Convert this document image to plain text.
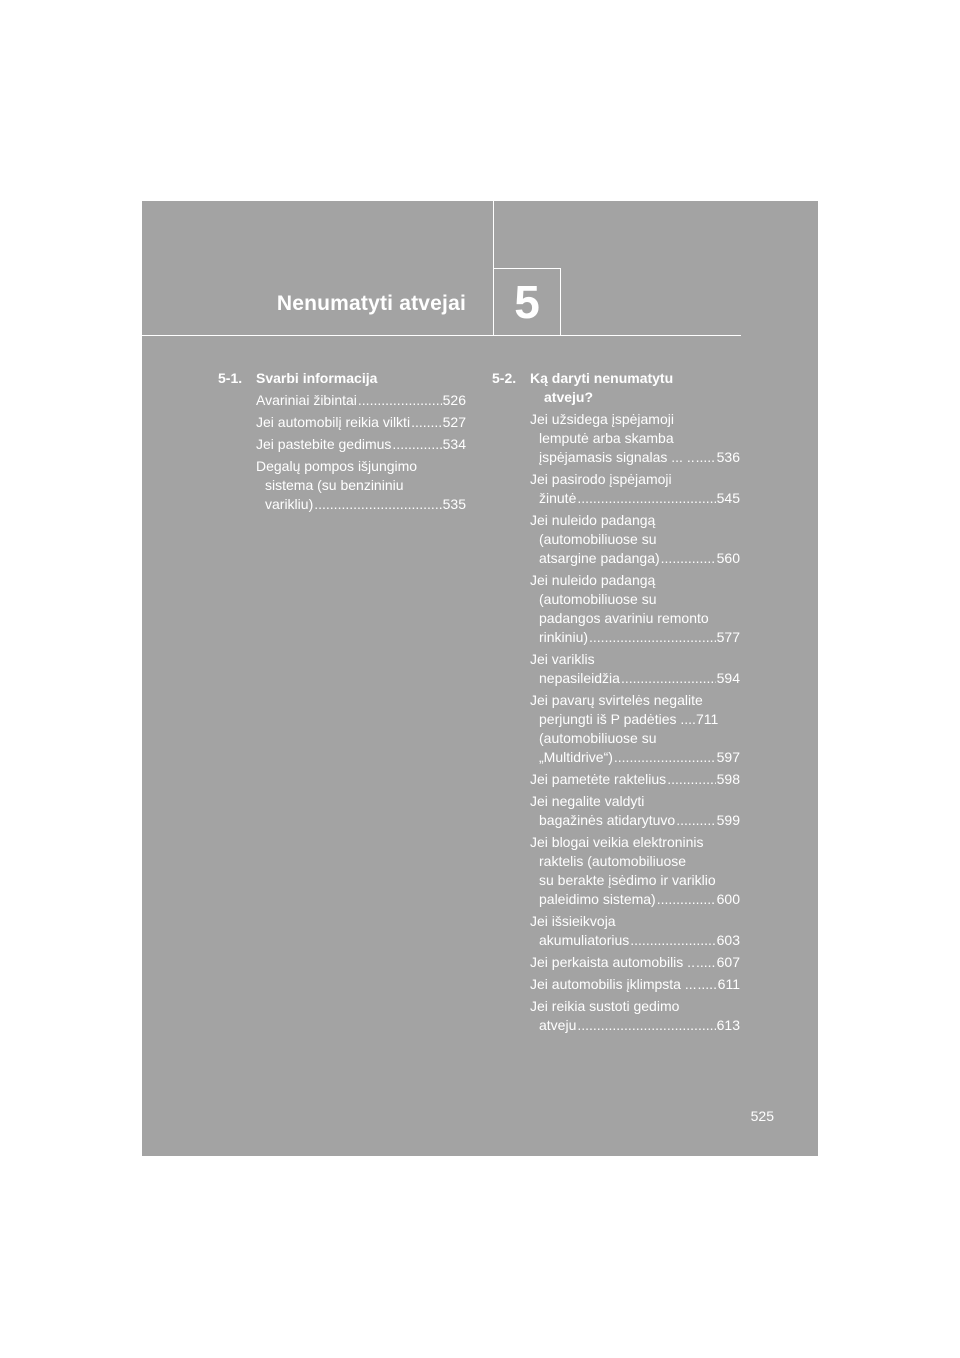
Nenumatyti atvejai 5
5-1. Svarbi informacija
Avariniai žibintai .....	526
Jei automobilį reikia vilkti ..... 527
Jei pastebite gedimus .....	534
Degalų pompos išjungimo
sistema (su benzininiu
varikliu) .....	535
5-2. Ką daryti nenumatytu
atveju?
Jei užsidega įspėjamoji
lemputė arba skamba
įspėjamasis signalas ... .. ..... 536
Jei pasirodo įspėjamoji
žinutė .....	545
Jei nuleido padangą
(automobiliuose su
atsargine padanga) .....	560
Jei nuleido padangą
(automobiliuose su
padangos avariniu remonto
rinkiniu) .....	577
Jei variklis
nepasileidžia .....	594
Jei pavarų svirtelės negalite
perjungti iš P padėties ....711
(automobiliuose su
„Multidrive“) .....	597
Jei pametėte raktelius .....	598
Jei negalite valdyti
bagažinės atidarytuvo .....	599
Jei blogai veikia elektroninis
raktelis (automobiliuose
su berakte įsėdimo ir variklio
paleidimo sistema) .....	600
Jei išsieikvoja
akumuliatorius .....	603
Jei perkaista automobilis .. ..... 607
Jei automobilis įklimpsta ... ..... 611
Jei reikia sustoti gedimo
atveju .....	613
525
